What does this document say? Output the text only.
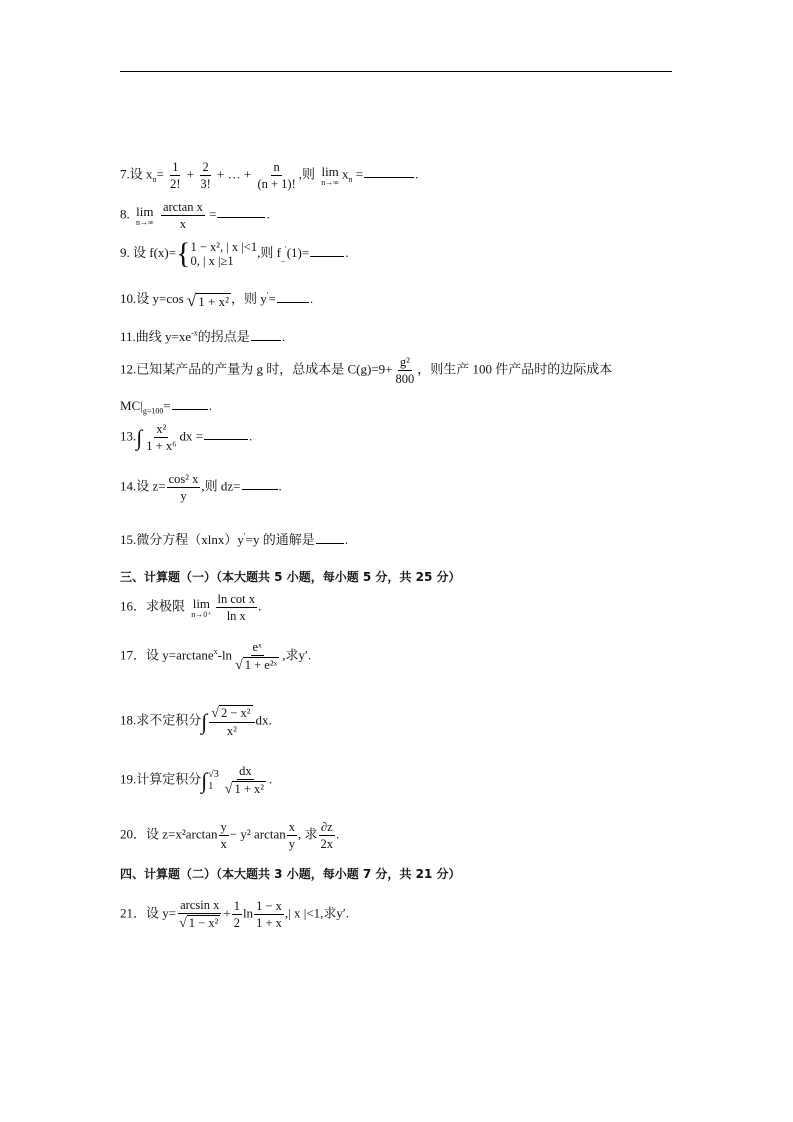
7.设 $x_n= \frac{1}{2!} + \frac{2}{3!}$ + … + $\frac{n}{(n + 1)!}$ ,则 lim
n→∞
$x_n$ =	.
8. lim
n→∞
$\frac{\text{arctan x}}{x}$ =	.
9. 设 f(x)= { 1 − x², | x |<1
0, | x |≥1
,则 $f_{\_}'(1)=$	.
10.设 y=cos √ 1 + x² ，则 y′=	.
11.曲线 $y=xe^{-x}$的拐点是 .
12.已知某产品的产量为 g 时，总成本是 $C(g)=9+ \frac{\text{g²}}{800}$ ，则生产 100 件产品时的边际成本
$MC|_{g=100}=$	.
$13.\int \frac{\text{x²}}{\text{1 + x⁶}}$ dx =	.
14.设 $z= \frac{\text{cos² x}}{y}$ ,则 dz=	.
15.微分方程（xlnx）y′=y 的通解是 .
三、计算题（一）（本大题共 5 小题，每小题 5 分，共 25 分）
16．求极限 lim
$n\to 0^+ \frac{\text{ln cot x}}{\text{ln x}}$ .
17．设 $y=\arctan e^x-\ln \frac{\text{eˣ}}{\text{√ 1 + e²ˣ}}$ ,求y′.
18.求不定积分∫ $\frac{\text{√ 2 − x²}}{\text{x²}}$ dx.
19.计算定积分∫ √3
$1 \frac{dx}{\text{√ 1 + x²}}$ .
20．设 $z=x^2\arctan \frac{y}{x} - y^2$ $\arctan \frac{x}{y}$ , 求 $\frac{\partial z}{2x}$ .
四、计算题（二）（本大题共 3 小题，每小题 7 分，共 21 分）
21．设 $y= \frac{\text{arcsin x}}{\text{√ 1 − x²}} + \frac{1}{2}$ $\ln \frac{1 - x}{1 + x}$ ,| x |<1,求y′.
